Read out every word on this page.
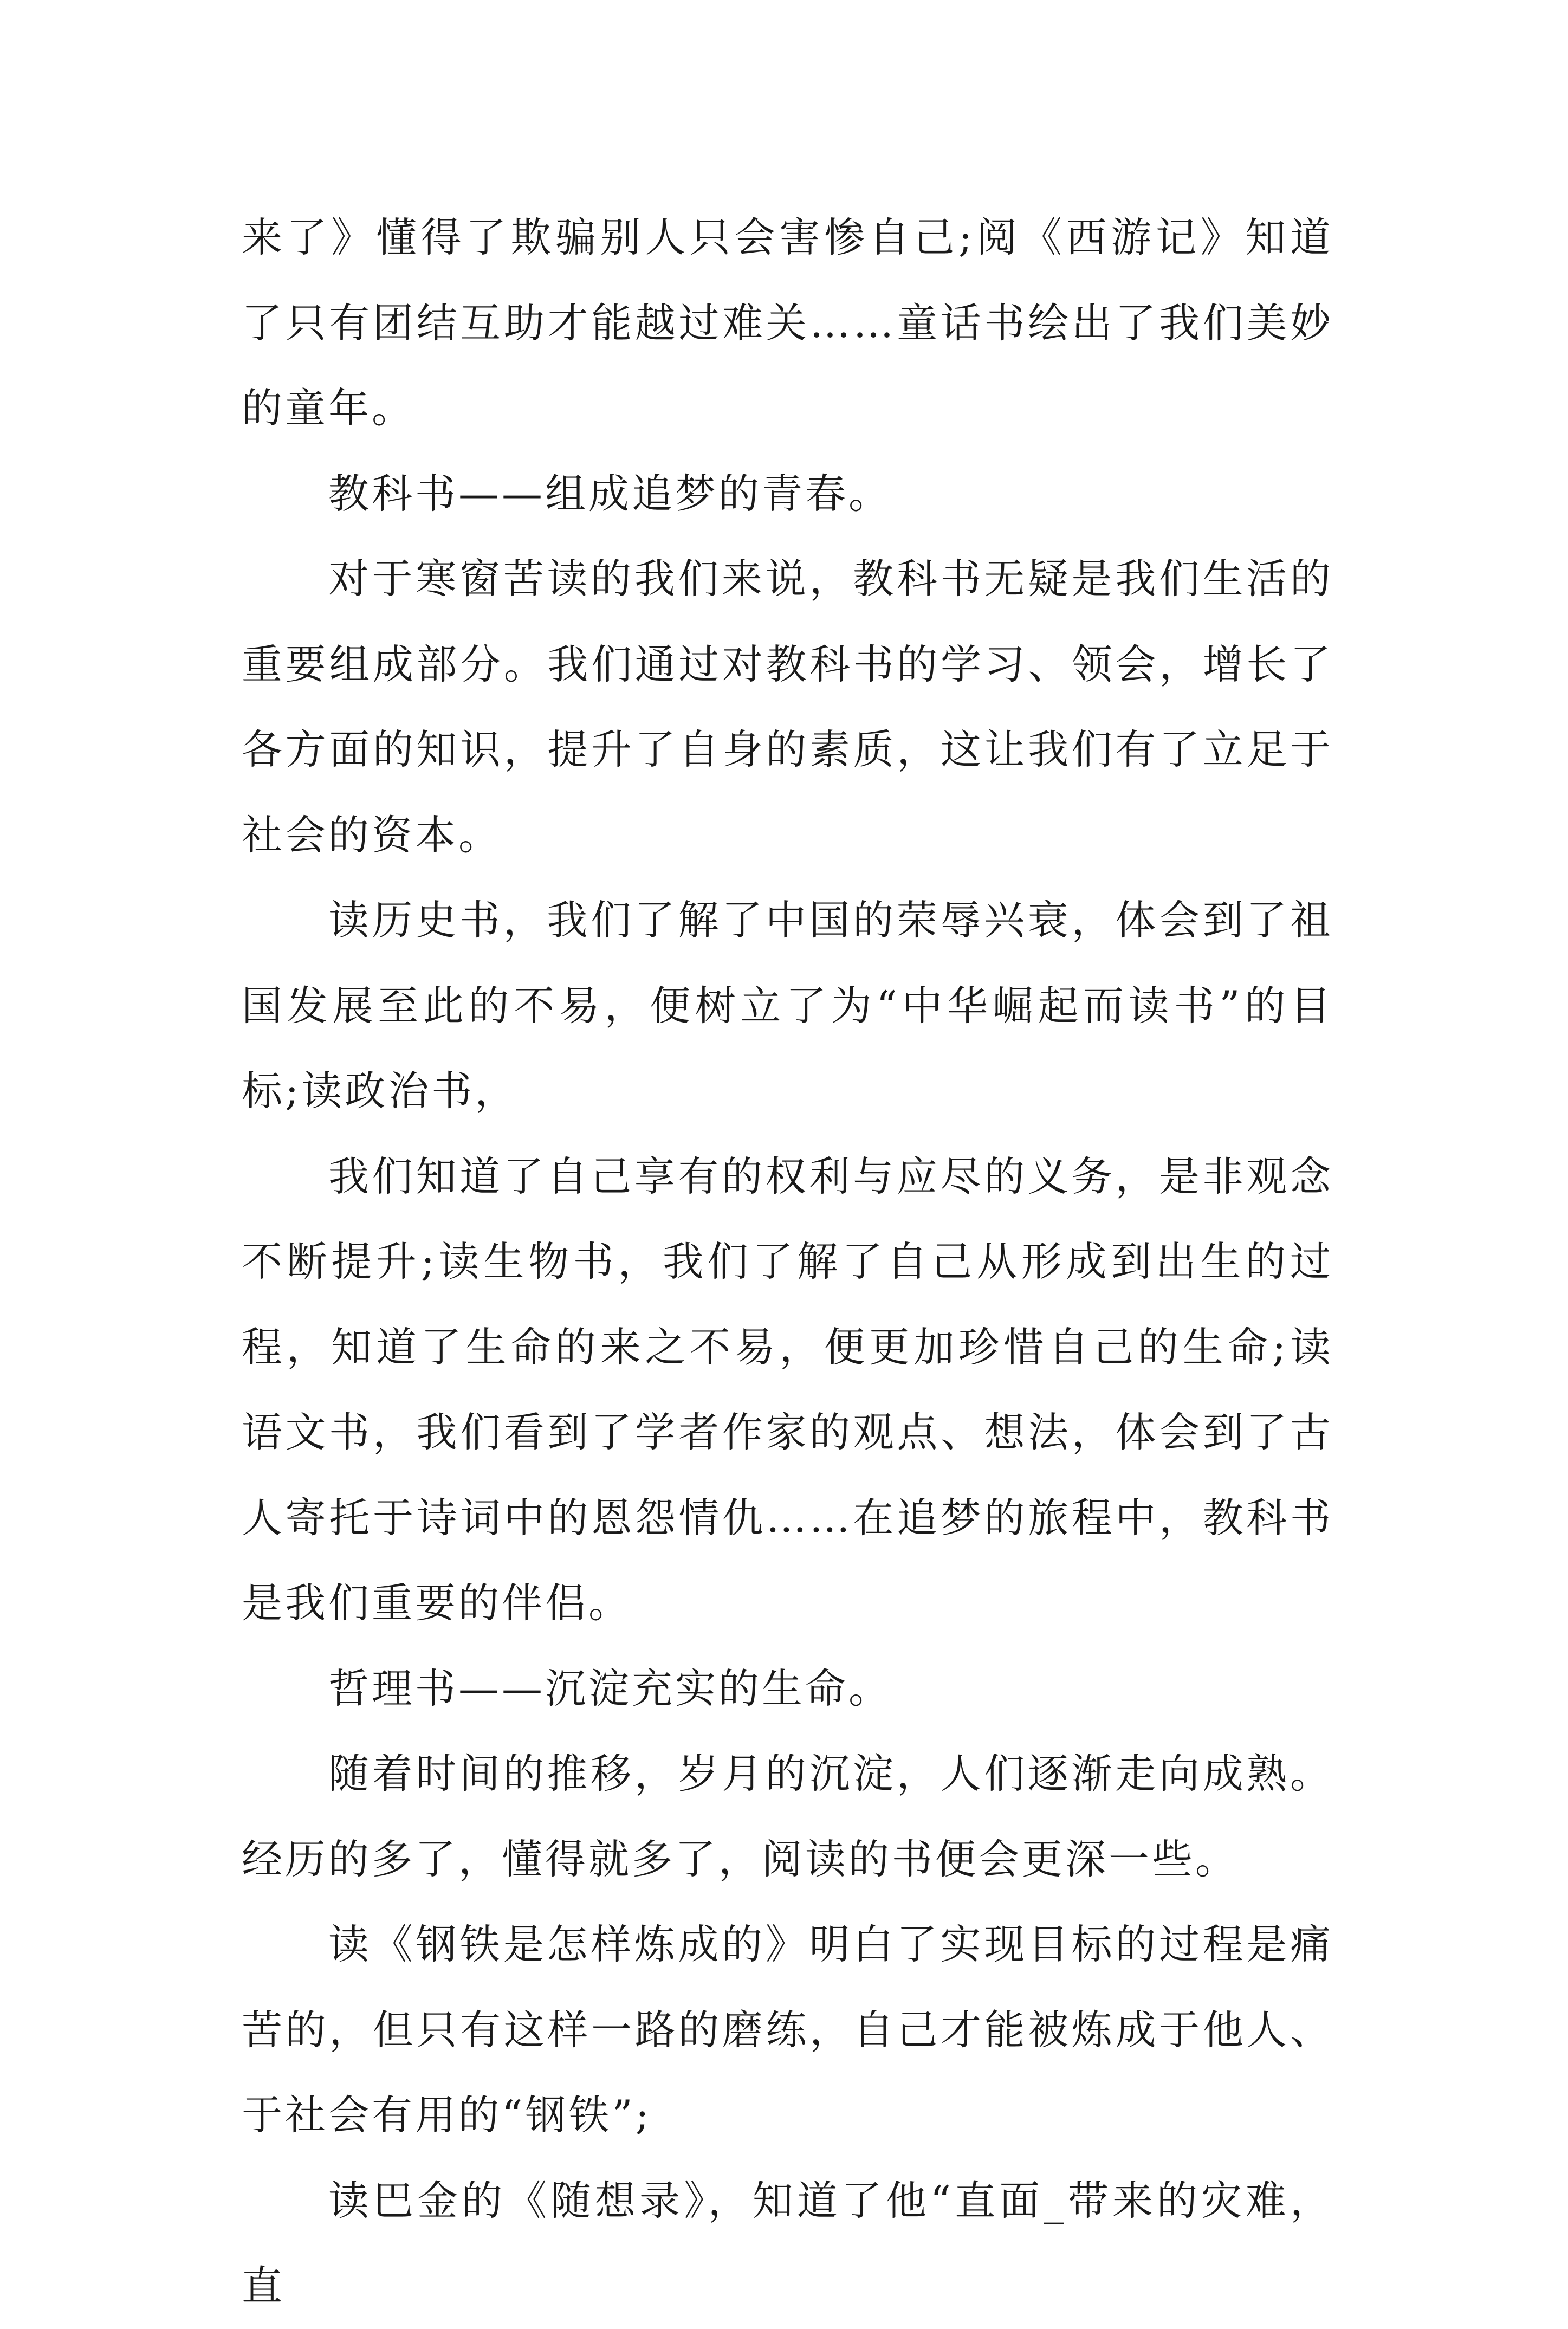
来了》懂得了欺骗别人只会害惨自己;阅《西游记》知道了只有团结互助才能越过难关……童话书绘出了我们美妙的童年。

教科书——组成追梦的青春。

对于寒窗苦读的我们来说，教科书无疑是我们生活的重要组成部分。我们通过对教科书的学习、领会，增长了各方面的知识，提升了自身的素质，这让我们有了立足于社会的资本。

读历史书，我们了解了中国的荣辱兴衰，体会到了祖国发展至此的不易，便树立了为“中华崛起而读书”的目标;读政治书，

我们知道了自己享有的权利与应尽的义务，是非观念不断提升;读生物书，我们了解了自己从形成到出生的过程，知道了生命的来之不易，便更加珍惜自己的生命;读语文书，我们看到了学者作家的观点、想法，体会到了古人寄托于诗词中的恩怨情仇……在追梦的旅程中，教科书是我们重要的伴侣。

哲理书——沉淀充实的生命。

随着时间的推移，岁月的沉淀，人们逐渐走向成熟。经历的多了，懂得就多了，阅读的书便会更深一些。

读《钢铁是怎样炼成的》明白了实现目标的过程是痛苦的，但只有这样一路的磨练，自己才能被炼成于他人、于社会有用的“钢铁”;

读巴金的《随想录》，知道了他“直面_带来的灾难，直
